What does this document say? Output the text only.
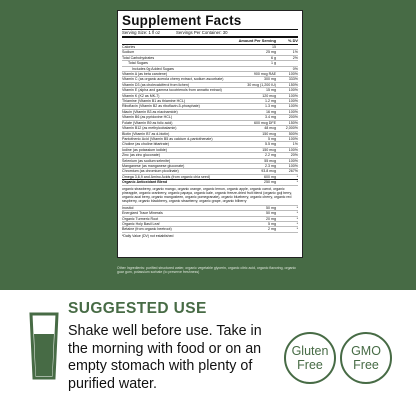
Supplement Facts
Serving Size: 1 fl oz	Servings Per Container: 30
Amount Per Serving	% DV
Calories	15
Sodium	25 mg	1%
Total Carbohydrates	6 g	2%
Total Sugars	1 g
Includes 0g Added Sugars	0%
Vitamin A (as beta carotene)	900 mcg RAE	100%
Vitamin C (as organic acerola cherry extract, sodium ascorbate)	300 mg	333%
Vitamin D3 (as cholecalciferol from lichen)	30 mcg (1,200 IU)	150%
Vitamin E (alpha and gamma tocotrienols from annatto extract)	15 mg	100%
Vitamin K (K2 as MK-7)	120 mcg	100%
Thiamine (Vitamin B1 as thiamine HCL)	1.2 mg	100%
Riboflavin (Vitamin B2 as riboflavin-5-phosphate)	1.3 mg	100%
Niacin (Vitamin B3 as niacinamide)	16 mg	100%
Vitamin B6 (as pyridoxine HCL)	3.4 mg	200%
Folate (Vitamin B9 as folic acid)	600 mcg DFE	150%
Vitamin B12 (as methylcobalamin)	48 mcg	2,000%
Biotin (Vitamin B7 as d-biotin)	150 mcg	500%
Pantothenic Acid (Vitamin B5 as calcium d-pantothenate)	5 mg	100%
Choline (as choline bitartrate)	5.5 mg	1%
Iodine (as potassium iodide)	150 mcg	100%
Zinc (as zinc gluconate)	2.2 mg	20%
Selenium (as sodium selenite)	55 mcg	100%
Manganese (as manganese gluconate)	2.3 mg	100%
Chromium (as chromium picolinate)	93.8 mcg	267%
Omega 3,6,9 and Amino Acids (from organic chia seed)	600 mg	*
Organic Antioxidant Blend	250 mg	*
organic strawberry, organic mango, organic orange, organic lemon, organic apple, organic carrot, organic pineapple, organic cranberry, organic papaya, organic kale, organic freeze-dried fruit blend (organic goji berry, organic acai berry, organic mangosteen, organic pomegranate), organic blueberry, organic cherry, organic red raspberry, organic blackberry, organic strawberry, organic grape, organic bilberry
Inositol	50 mg	*
Energized Trace Minerals	50 mg	*
Organic Turmeric Root	20 mg	*
Organic Holy Basil Leaf	5 mg	*
Betaine (from organic beetroot)	2 mg	*
*Daily Value (DV) not established
Other Ingredients: purified structured water, organic vegetable glycerin, organic citric acid, organic flavoring, organic guar gum, potassium sorbate (to preserve freshness)
SUGGESTED USE
Shake well before use. Take in the morning with food or on an empty stomach with plenty of purified water.
Gluten
Free
GMO
Free
